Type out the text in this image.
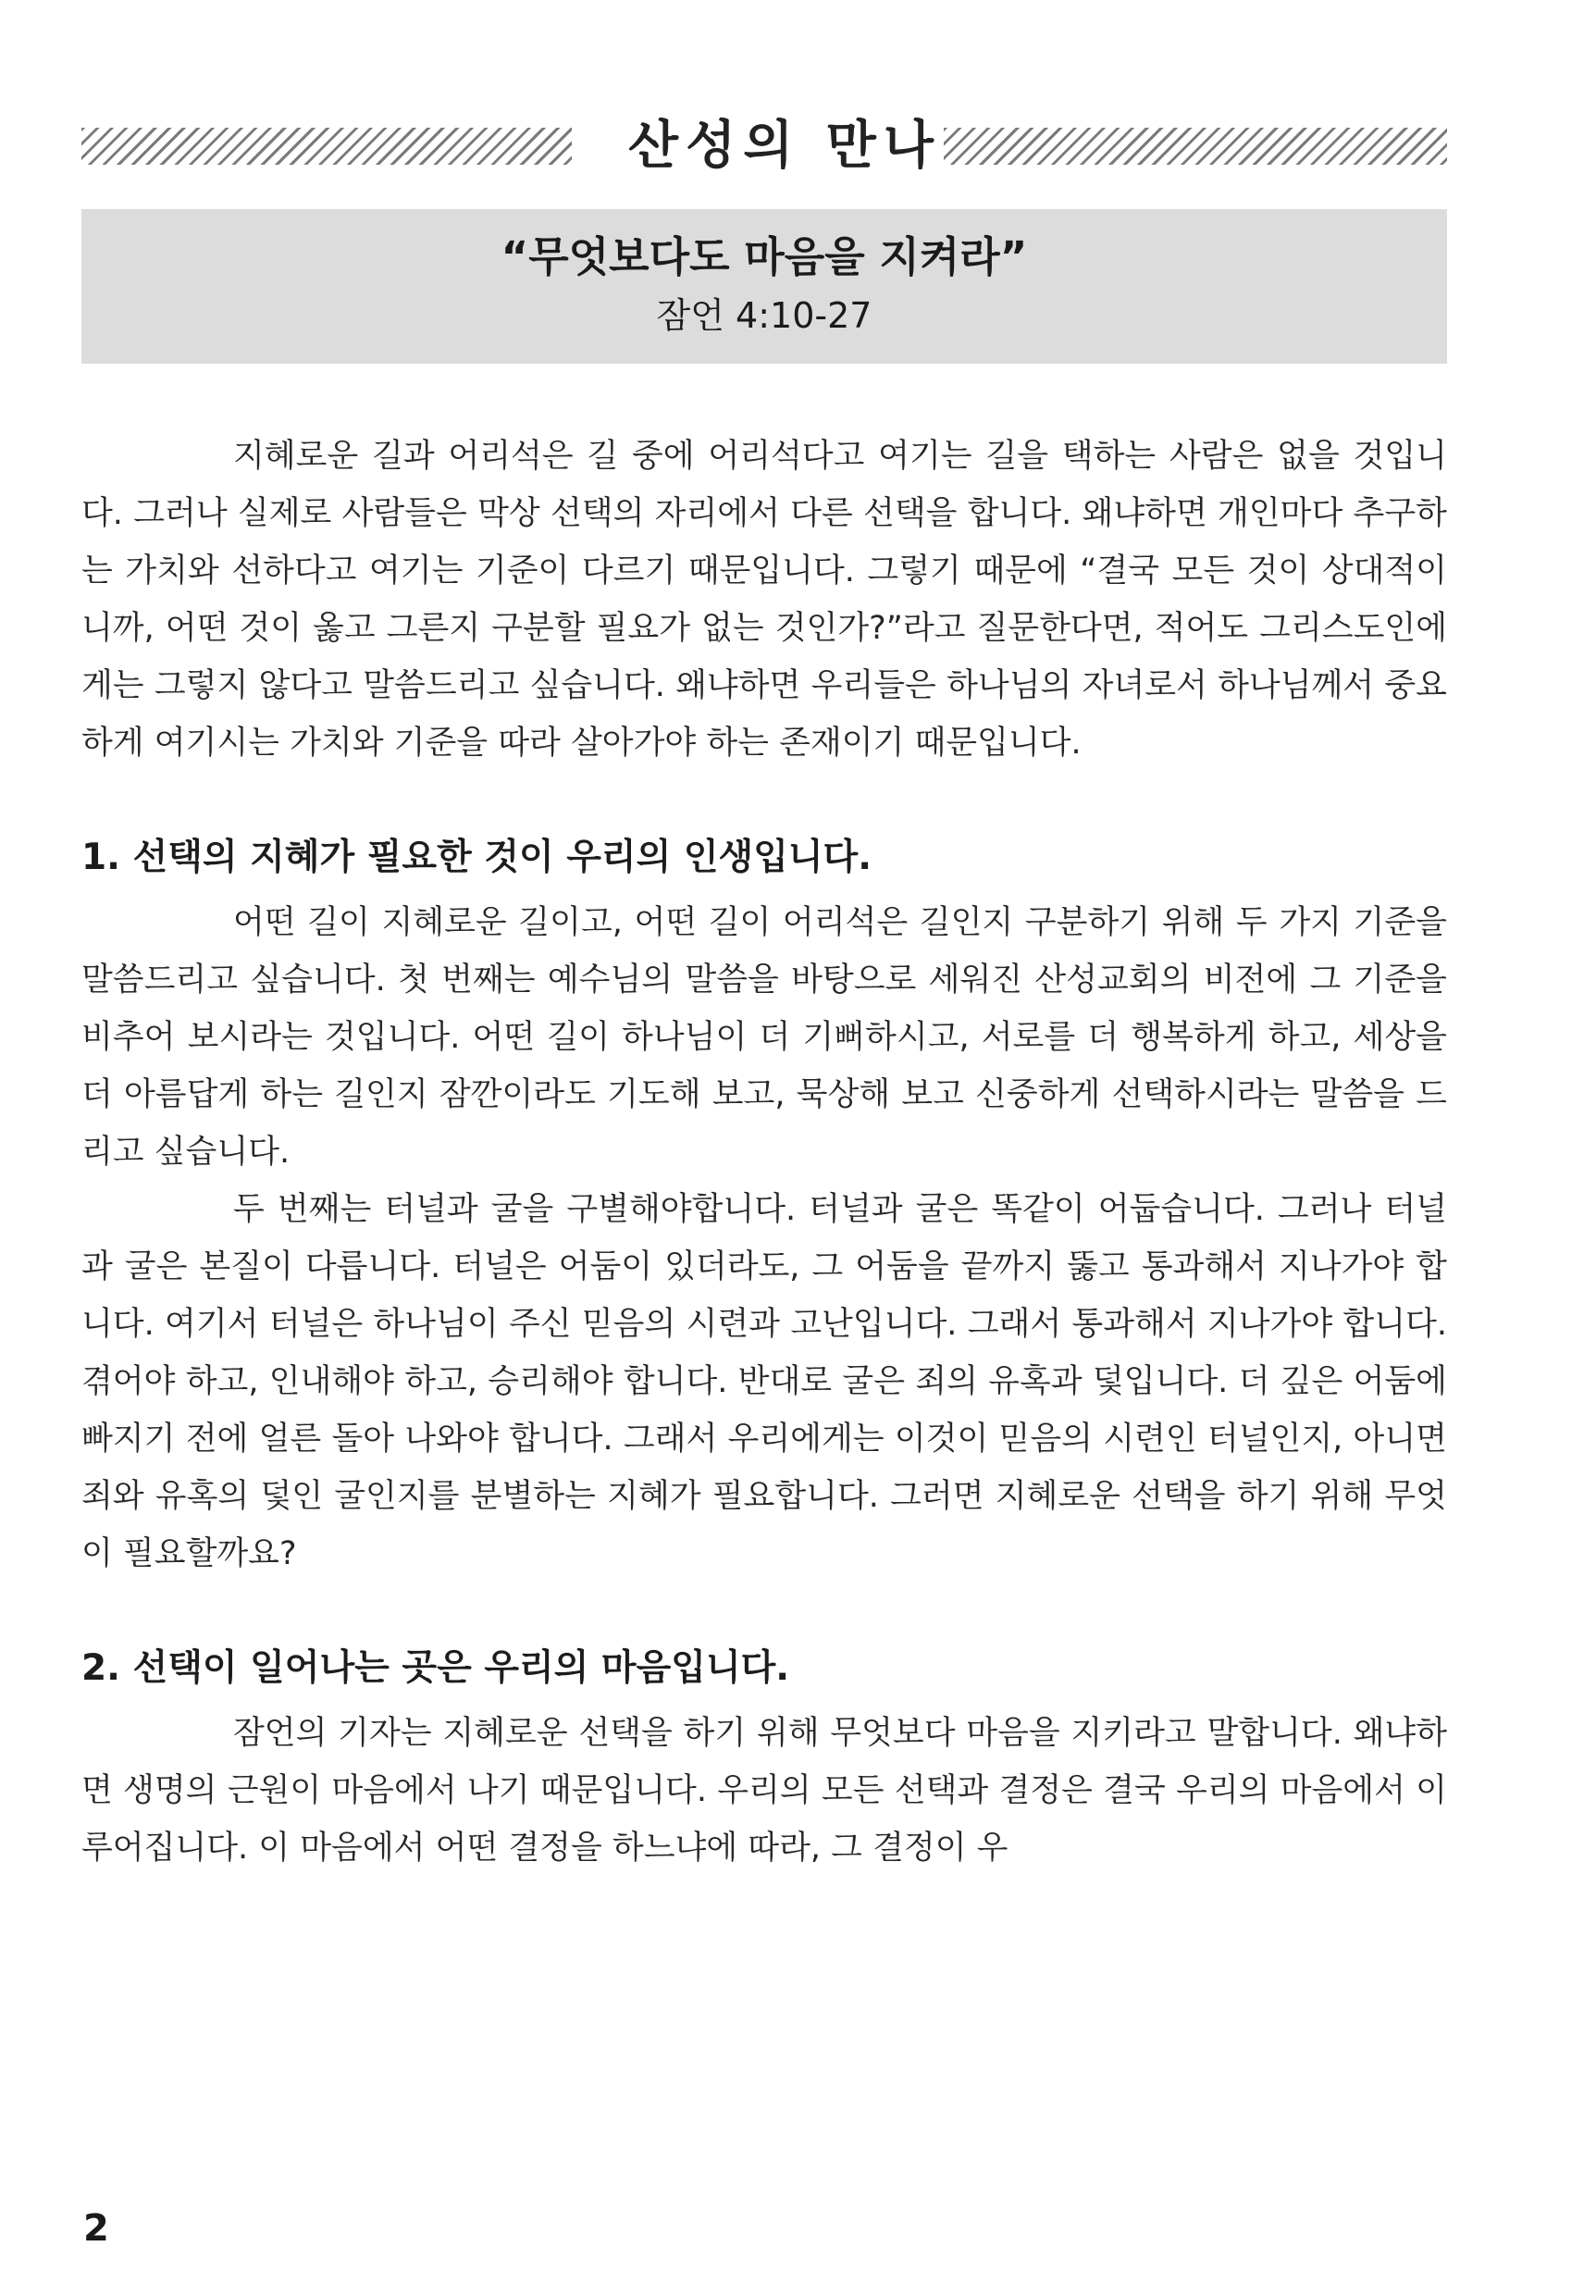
산성의 만나
“무엇보다도 마음을 지켜라”
잠언 4:10-27

지혜로운 길과 어리석은 길 중에 어리석다고 여기는 길을 택하는 사람은 없을 것입니다. 그러나 실제로 사람들은 막상 선택의 자리에서 다른 선택을 합니다. 왜냐하면 개인마다 추구하는 가치와 선하다고 여기는 기준이 다르기 때문입니다. 그렇기 때문에 “결국 모든 것이 상대적이니까, 어떤 것이 옳고 그른지 구분할 필요가 없는 것인가?”라고 질문한다면, 적어도 그리스도인에게는 그렇지 않다고 말씀드리고 싶습니다. 왜냐하면 우리들은 하나님의 자녀로서 하나님께서 중요하게 여기시는 가치와 기준을 따라 살아가야 하는 존재이기 때문입니다.

1. 선택의 지혜가 필요한 것이 우리의 인생입니다.

어떤 길이 지혜로운 길이고, 어떤 길이 어리석은 길인지 구분하기 위해 두 가지 기준을 말씀드리고 싶습니다. 첫 번째는 예수님의 말씀을 바탕으로 세워진 산성교회의 비전에 그 기준을 비추어 보시라는 것입니다. 어떤 길이 하나님이 더 기뻐하시고, 서로를 더 행복하게 하고, 세상을 더 아름답게 하는 길인지 잠깐이라도 기도해 보고, 묵상해 보고 신중하게 선택하시라는 말씀을 드리고 싶습니다.

두 번째는 터널과 굴을 구별해야합니다. 터널과 굴은 똑같이 어둡습니다. 그러나 터널과 굴은 본질이 다릅니다. 터널은 어둠이 있더라도, 그 어둠을 끝까지 뚫고 통과해서 지나가야 합니다. 여기서 터널은 하나님이 주신 믿음의 시련과 고난입니다. 그래서 통과해서 지나가야 합니다. 겪어야 하고, 인내해야 하고, 승리해야 합니다. 반대로 굴은 죄의 유혹과 덫입니다. 더 깊은 어둠에 빠지기 전에 얼른 돌아 나와야 합니다. 그래서 우리에게는 이것이 믿음의 시련인 터널인지, 아니면 죄와 유혹의 덫인 굴인지를 분별하는 지혜가 필요합니다. 그러면 지혜로운 선택을 하기 위해 무엇이 필요할까요?

2. 선택이 일어나는 곳은 우리의 마음입니다.

잠언의 기자는 지혜로운 선택을 하기 위해 무엇보다 마음을 지키라고 말합니다. 왜냐하면 생명의 근원이 마음에서 나기 때문입니다. 우리의 모든 선택과 결정은 결국 우리의 마음에서 이루어집니다. 이 마음에서 어떤 결정을 하느냐에 따라, 그 결정이 우

2
